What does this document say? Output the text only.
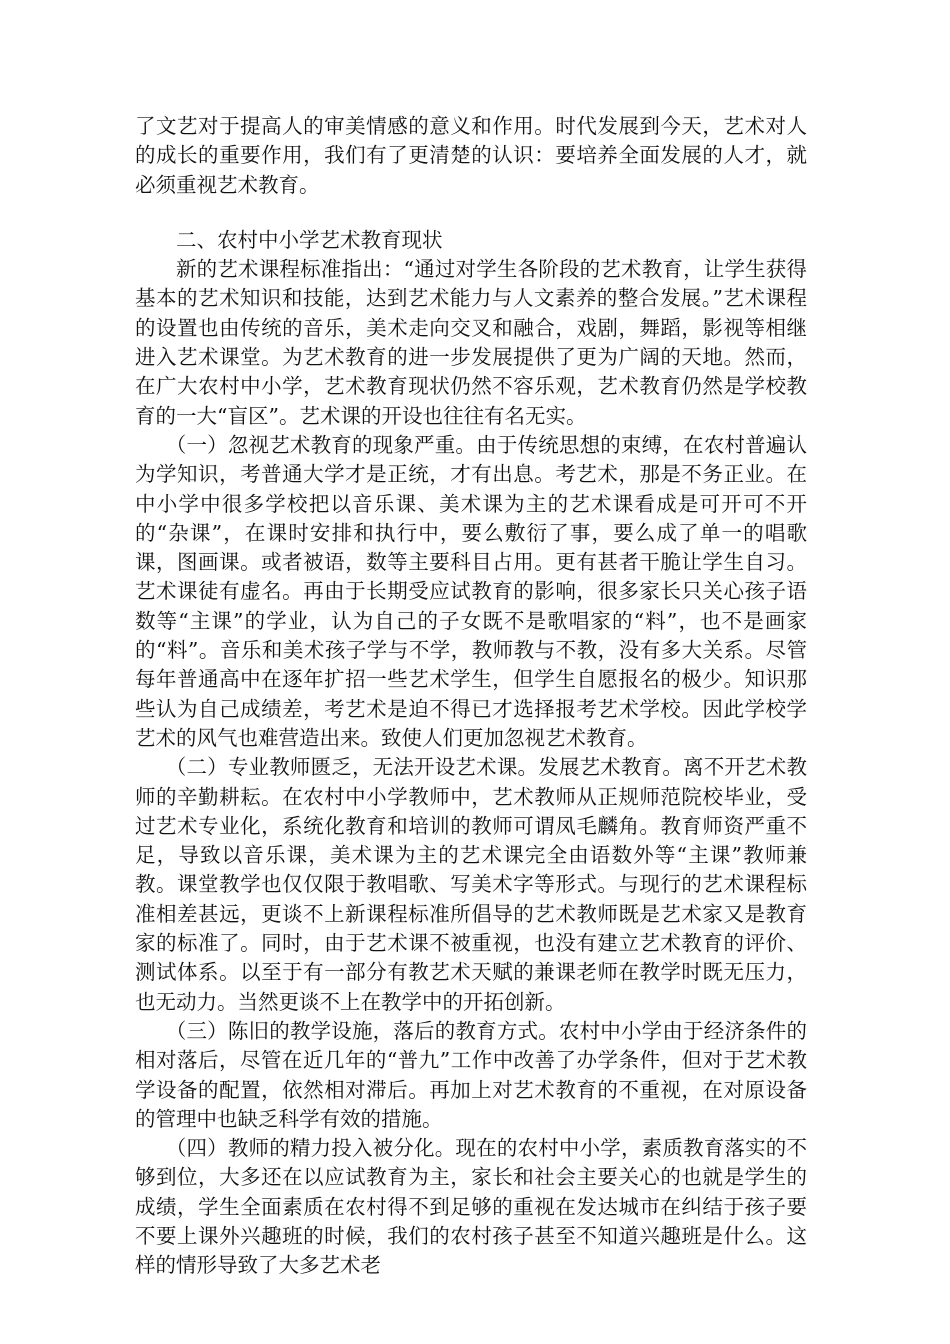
了文艺对于提高人的审美情感的意义和作用。时代发展到今天，艺术对人的成长的重要作用，我们有了更清楚的认识：要培养全面发展的人才，就必须重视艺术教育。

二、农村中小学艺术教育现状

新的艺术课程标准指出：“通过对学生各阶段的艺术教育，让学生获得基本的艺术知识和技能，达到艺术能力与人文素养的整合发展。”艺术课程的设置也由传统的音乐，美术走向交叉和融合，戏剧，舞蹈，影视等相继进入艺术课堂。为艺术教育的进一步发展提供了更为广阔的天地。然而，在广大农村中小学，艺术教育现状仍然不容乐观，艺术教育仍然是学校教育的一大“盲区”。艺术课的开设也往往有名无实。

（一）忽视艺术教育的现象严重。由于传统思想的束缚，在农村普遍认为学知识，考普通大学才是正统，才有出息。考艺术，那是不务正业。在中小学中很多学校把以音乐课、美术课为主的艺术课看成是可开可不开的“杂课”，在课时安排和执行中，要么敷衍了事，要么成了单一的唱歌课，图画课。或者被语，数等主要科目占用。更有甚者干脆让学生自习。艺术课徒有虚名。再由于长期受应试教育的影响，很多家长只关心孩子语数等“主课”的学业，认为自己的子女既不是歌唱家的“料”，也不是画家的“料”。音乐和美术孩子学与不学，教师教与不教，没有多大关系。尽管每年普通高中在逐年扩招一些艺术学生，但学生自愿报名的极少。知识那些认为自己成绩差，考艺术是迫不得已才选择报考艺术学校。因此学校学艺术的风气也难营造出来。致使人们更加忽视艺术教育。

（二）专业教师匮乏，无法开设艺术课。发展艺术教育。离不开艺术教师的辛勤耕耘。在农村中小学教师中，艺术教师从正规师范院校毕业，受过艺术专业化，系统化教育和培训的教师可谓凤毛麟角。教育师资严重不足，导致以音乐课，美术课为主的艺术课完全由语数外等“主课”教师兼教。课堂教学也仅仅限于教唱歌、写美术字等形式。与现行的艺术课程标准相差甚远，更谈不上新课程标准所倡导的艺术教师既是艺术家又是教育家的标准了。同时，由于艺术课不被重视，也没有建立艺术教育的评价、测试体系。以至于有一部分有教艺术天赋的兼课老师在教学时既无压力，也无动力。当然更谈不上在教学中的开拓创新。

（三）陈旧的教学设施，落后的教育方式。农村中小学由于经济条件的相对落后，尽管在近几年的“普九”工作中改善了办学条件，但对于艺术教学设备的配置，依然相对滞后。再加上对艺术教育的不重视，在对原设备的管理中也缺乏科学有效的措施。

（四）教师的精力投入被分化。现在的农村中小学，素质教育落实的不够到位，大多还在以应试教育为主，家长和社会主要关心的也就是学生的成绩，学生全面素质在农村得不到足够的重视在发达城市在纠结于孩子要不要上课外兴趣班的时候，我们的农村孩子甚至不知道兴趣班是什么。这样的情形导致了大多艺术老
